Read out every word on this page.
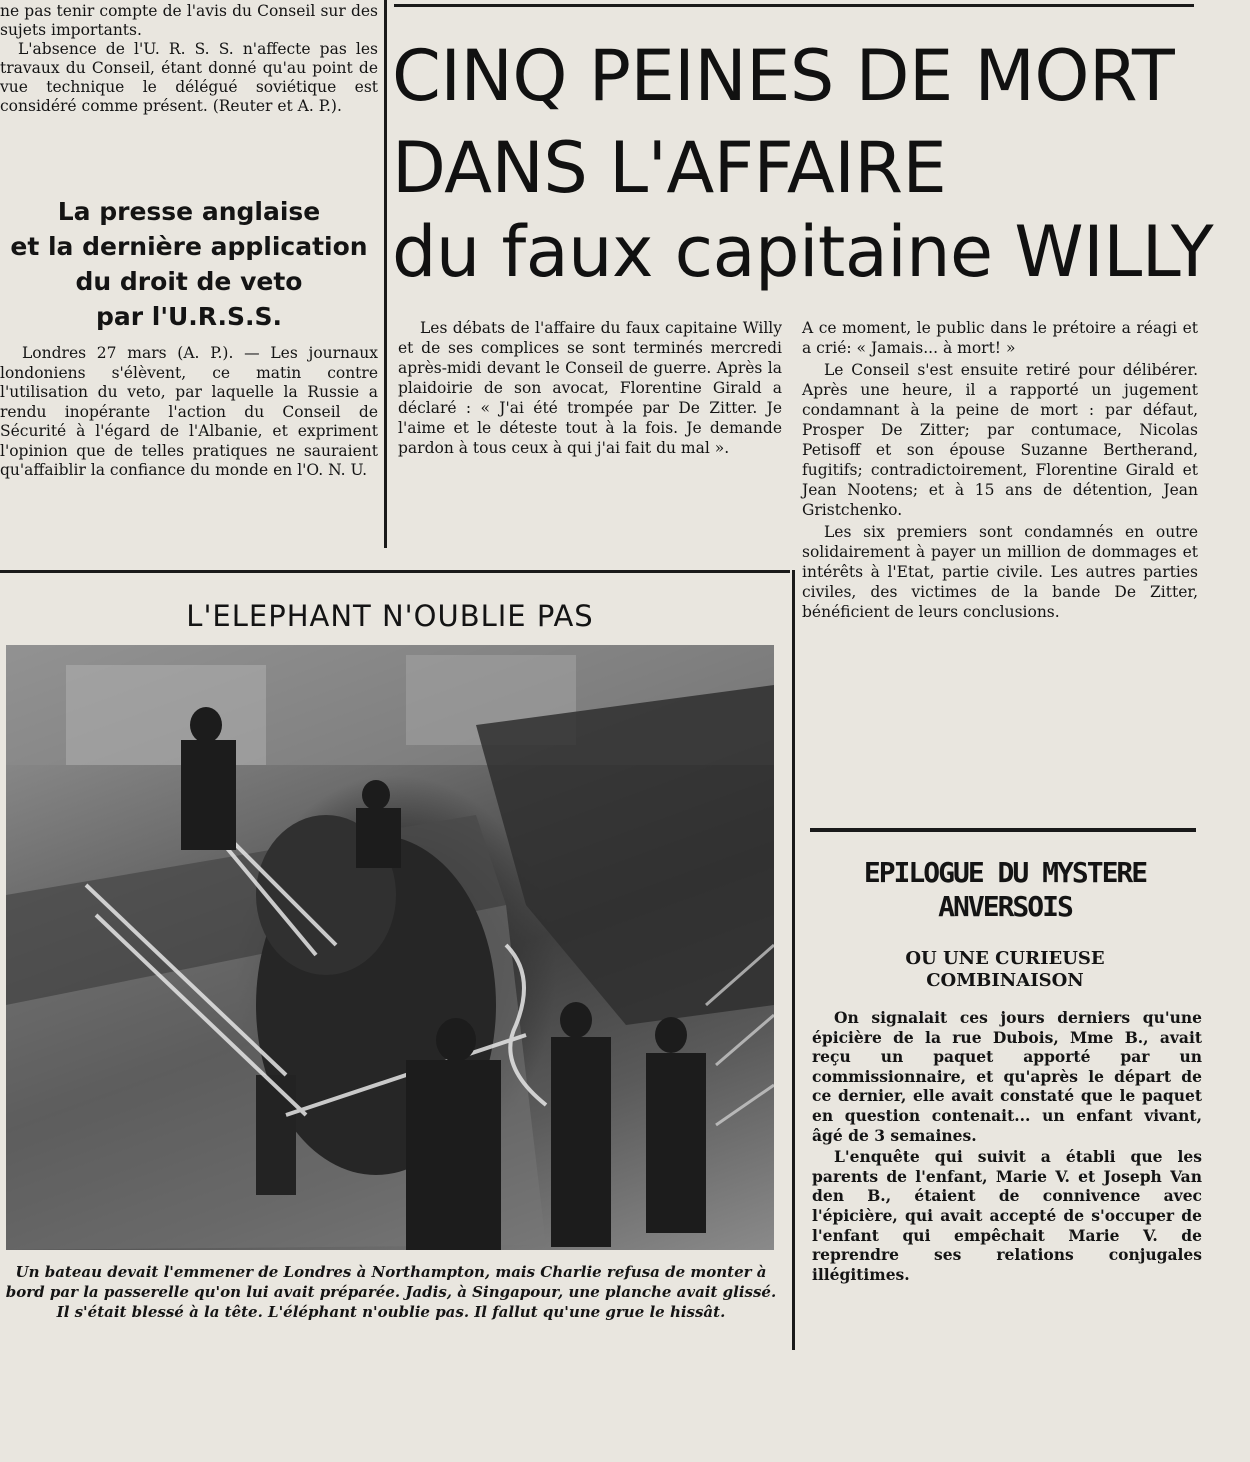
ne pas tenir compte de l'avis du Conseil sur des sujets importants.

L'absence de l'U. R. S. S. n'affecte pas les travaux du Conseil, étant donné qu'au point de vue technique le délégué soviétique est considéré comme présent. (Reuter et A. P.).

La presse anglaise
et la dernière application
du droit de veto
par l'U.R.S.S.

Londres 27 mars (A. P.). — Les journaux londoniens s'élèvent, ce matin contre l'utilisation du veto, par laquelle la Russie a rendu inopérante l'action du Conseil de Sécurité à l'égard de l'Albanie, et expriment l'opinion que de telles pratiques ne sauraient qu'affaiblir la confiance du monde en l'O. N. U.

CINQ PEINES DE MORT
DANS L'AFFAIRE
du faux capitaine WILLY

Les débats de l'affaire du faux capitaine Willy et de ses complices se sont terminés mercredi après-midi devant le Conseil de guerre. Après la plaidoirie de son avocat, Florentine Girald a déclaré : « J'ai été trompée par De Zitter. Je l'aime et le déteste tout à la fois. Je demande pardon à tous ceux à qui j'ai fait du mal ».

A ce moment, le public dans le prétoire a réagi et a crié: « Jamais... à mort! »

Le Conseil s'est ensuite retiré pour délibérer. Après une heure, il a rapporté un jugement condamnant à la peine de mort : par défaut, Prosper De Zitter; par contumace, Nicolas Petisoff et son épouse Suzanne Bertherand, fugitifs; contradictoirement, Florentine Girald et Jean Nootens; et à 15 ans de détention, Jean Gristchenko.

Les six premiers sont condamnés en outre solidairement à payer un million de dommages et intérêts à l'Etat, partie civile. Les autres parties civiles, des victimes de la bande De Zitter, bénéficient de leurs conclusions.

L'ELEPHANT N'OUBLIE PAS
Un bateau devait l'emmener de Londres à Northampton, mais Charlie refusa de monter à bord par la passerelle qu'on lui avait préparée. Jadis, à Singapour, une planche avait glissé. Il s'était blessé à la tête. L'éléphant n'oublie pas. Il fallut qu'une grue le hissât.
EPILOGUE DU MYSTERE
ANVERSOIS
OU UNE CURIEUSE
COMBINAISON

On signalait ces jours derniers qu'une épicière de la rue Dubois, Mme B., avait reçu un paquet apporté par un commissionnaire, et qu'après le départ de ce dernier, elle avait constaté que le paquet en question contenait... un enfant vivant, âgé de 3 semaines.

L'enquête qui suivit a établi que les parents de l'enfant, Marie V. et Joseph Van den B., étaient de connivence avec l'épicière, qui avait accepté de s'occuper de l'enfant qui empêchait Marie V. de reprendre ses relations conjugales illégitimes.
